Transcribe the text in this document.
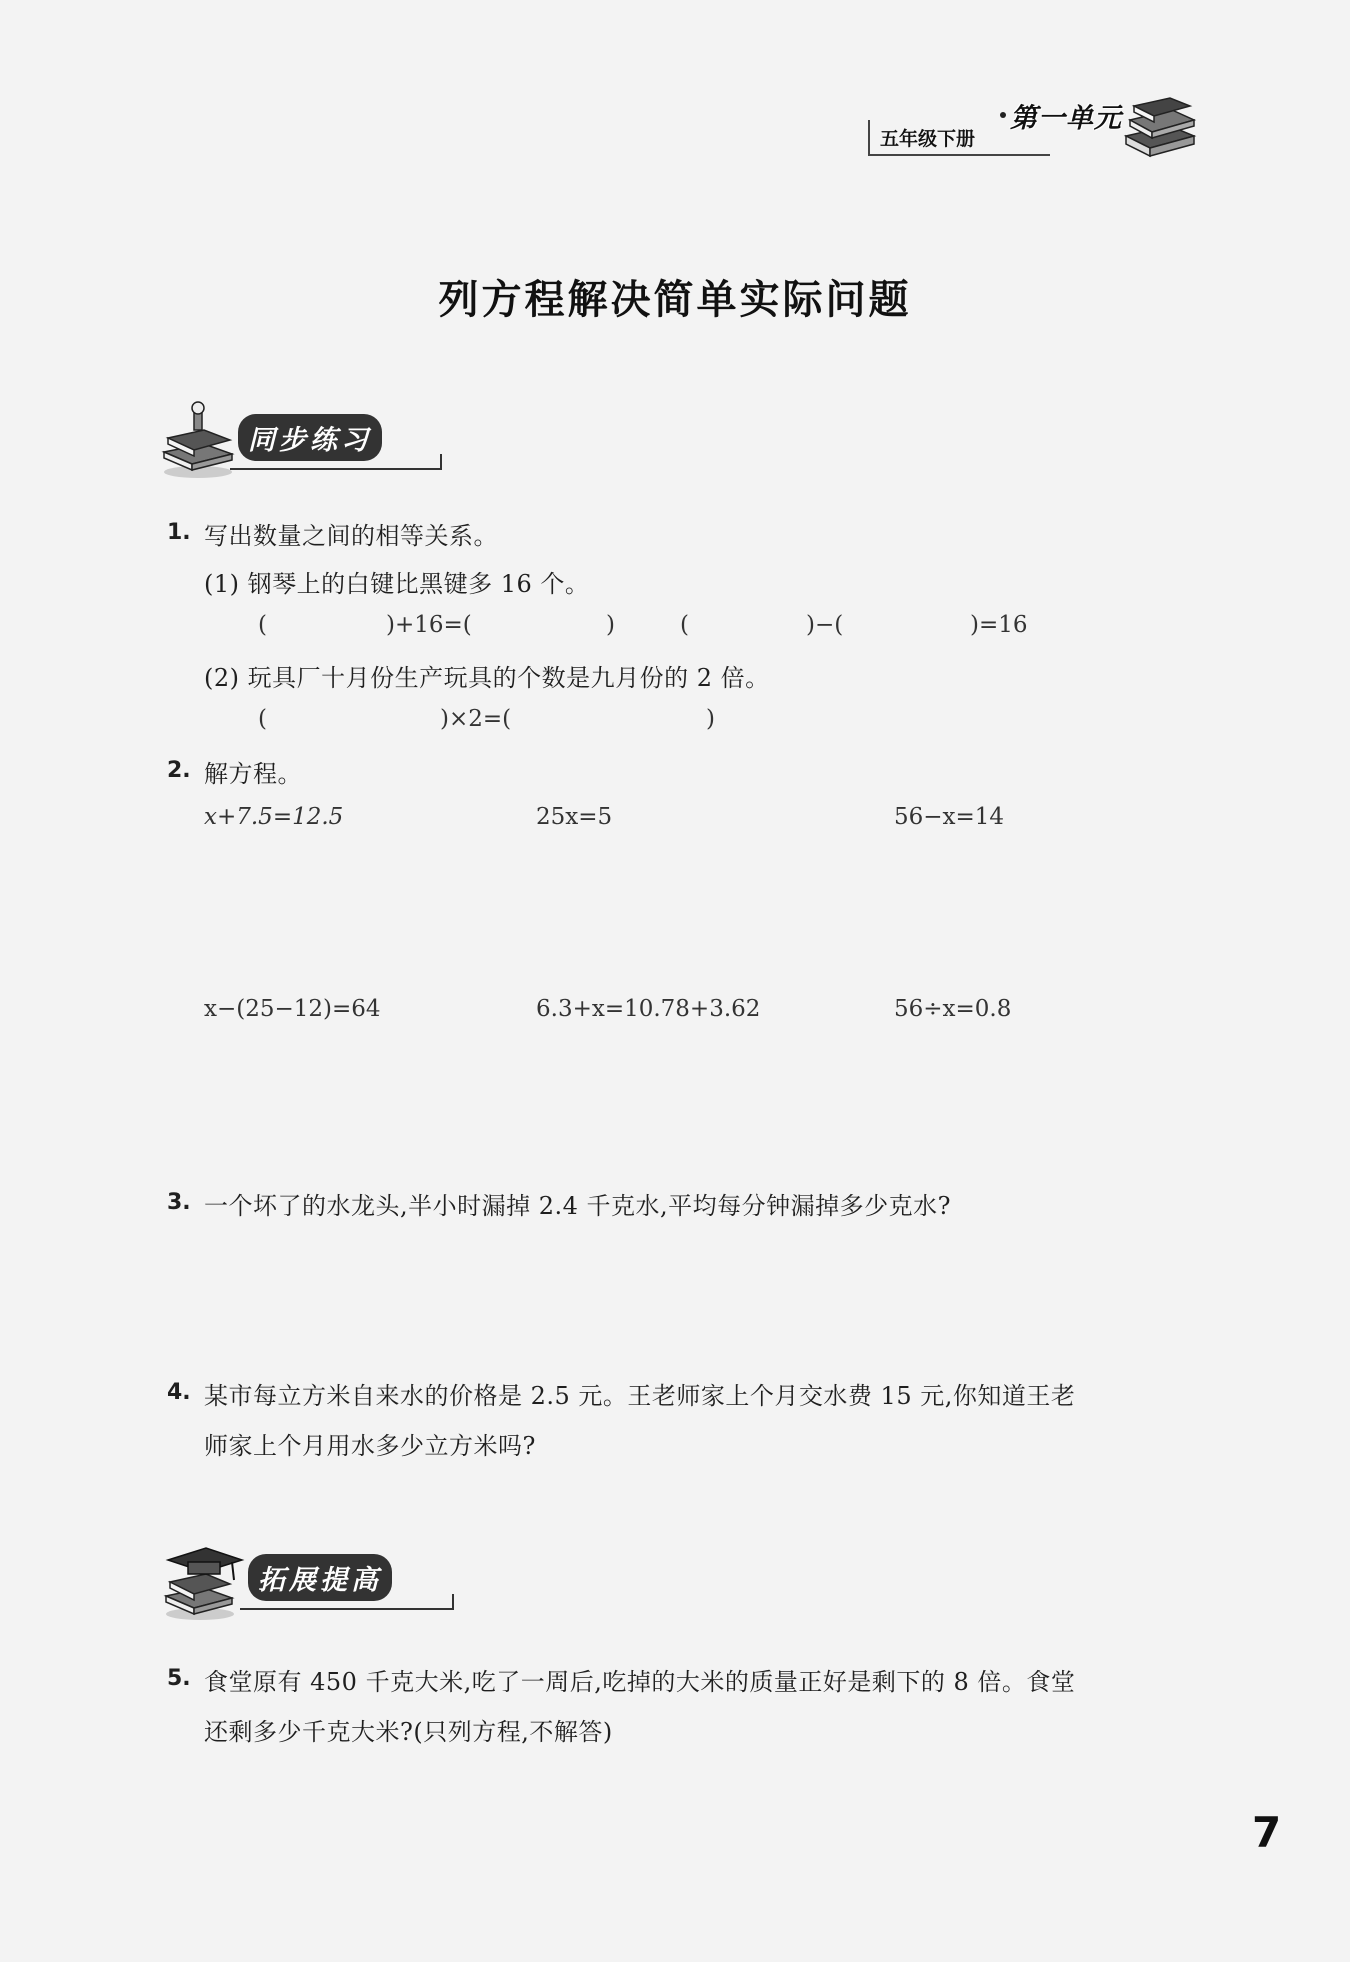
五年级下册
第一单元
列方程解决简单实际问题
同步练习
1. 写出数量之间的相等关系。
(1) 钢琴上的白键比黑键多 16 个。
(	)+16=(	)	(	)−(	)=16
(2) 玩具厂十月份生产玩具的个数是九月份的 2 倍。
(	)×2=(	)
2. 解方程。
x+7.5=12.5	25x=5	56−x=14
x−(25−12)=64	6.3+x=10.78+3.62	56÷x=0.8
3. 一个坏了的水龙头,半小时漏掉 2.4 千克水,平均每分钟漏掉多少克水?
4. 某市每立方米自来水的价格是 2.5 元。王老师家上个月交水费 15 元,你知道王老
师家上个月用水多少立方米吗?
拓展提高
5. 食堂原有 450 千克大米,吃了一周后,吃掉的大米的质量正好是剩下的 8 倍。食堂
还剩多少千克大米?(只列方程,不解答)
7
